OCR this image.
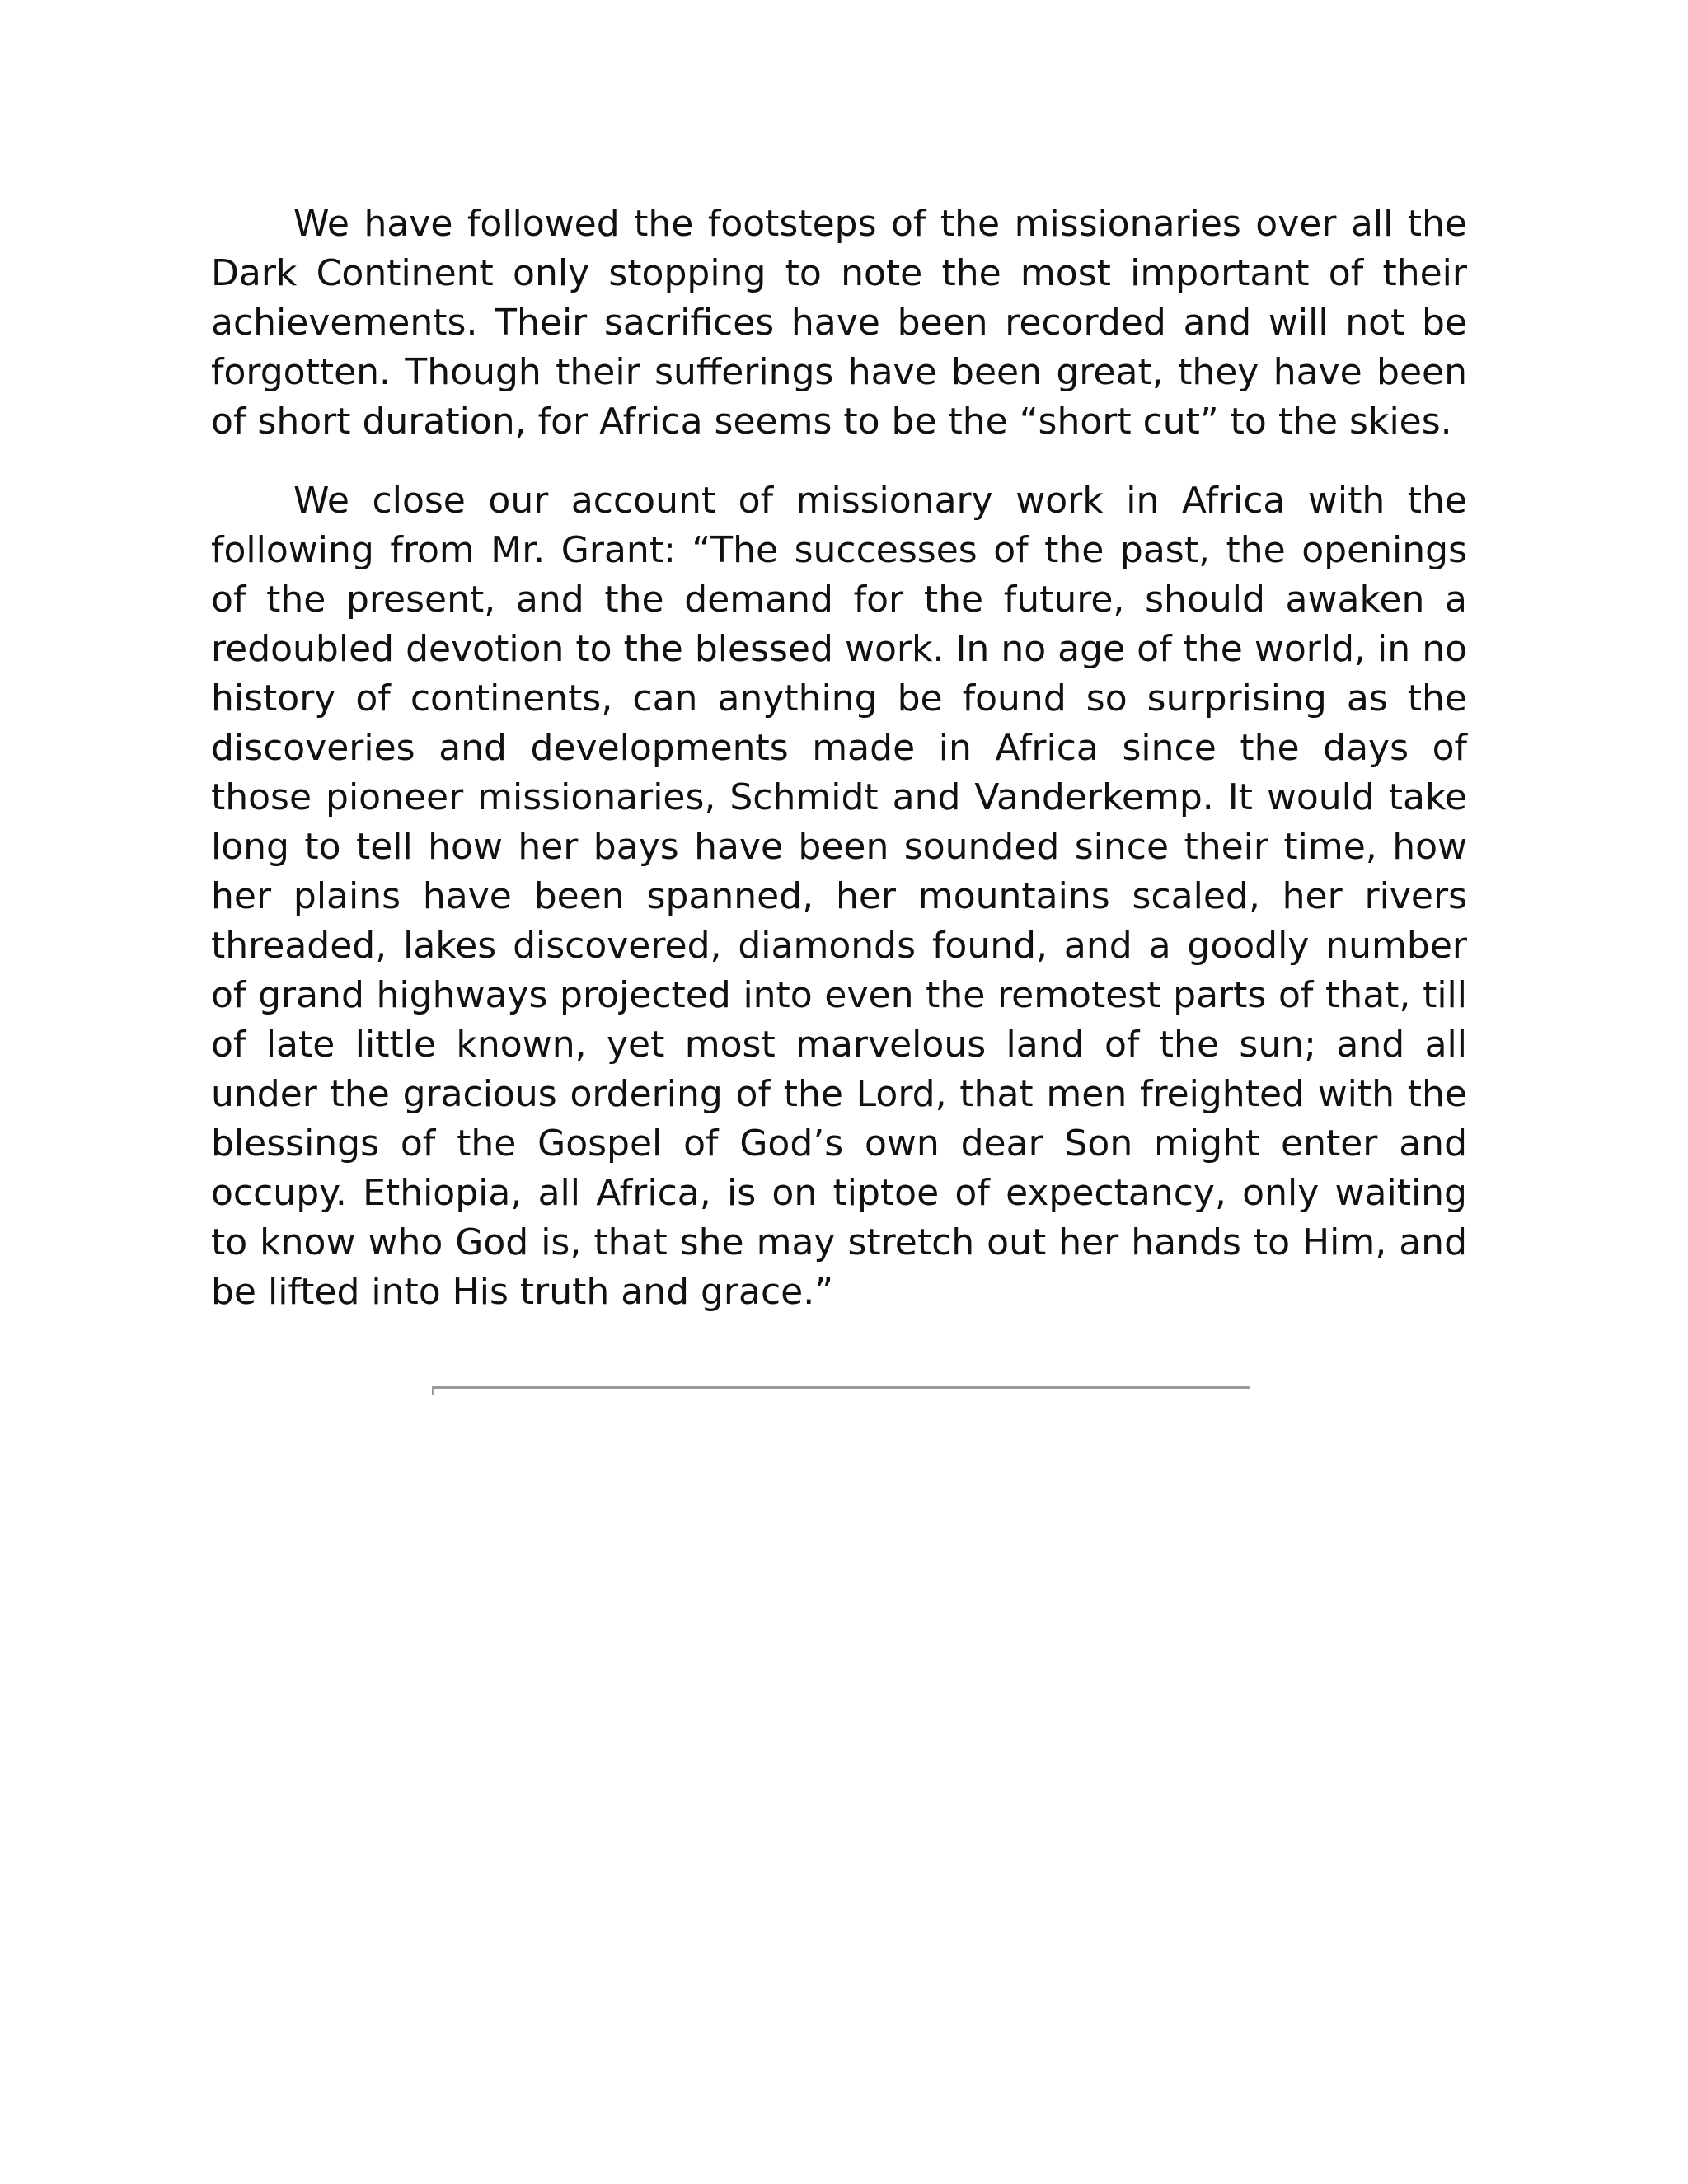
We have followed the footsteps of the missionaries over all the Dark Continent only stopping to note the most important of their achievements. Their sacrifices have been recorded and will not be forgotten. Though their sufferings have been great, they have been of short duration, for Africa seems to be the “short cut” to the skies.

We close our account of missionary work in Africa with the following from Mr. Grant: “The successes of the past, the openings of the present, and the demand for the future, should awaken a redoubled devotion to the blessed work. In no age of the world, in no history of continents, can anything be found so surprising as the discoveries and developments made in Africa since the days of those pioneer missionaries, Schmidt and Vanderkemp. It would take long to tell how her bays have been sounded since their time, how her plains have been spanned, her mountains scaled, her rivers threaded, lakes discovered, diamonds found, and a goodly number of grand highways projected into even the remotest parts of that, till of late little known, yet most marvelous land of the sun; and all under the gracious ordering of the Lord, that men freighted with the blessings of the Gospel of God’s own dear Son might enter and occupy. Ethiopia, all Africa, is on tiptoe of expectancy, only waiting to know who God is, that she may stretch out her hands to Him, and be lifted into His truth and grace.”
